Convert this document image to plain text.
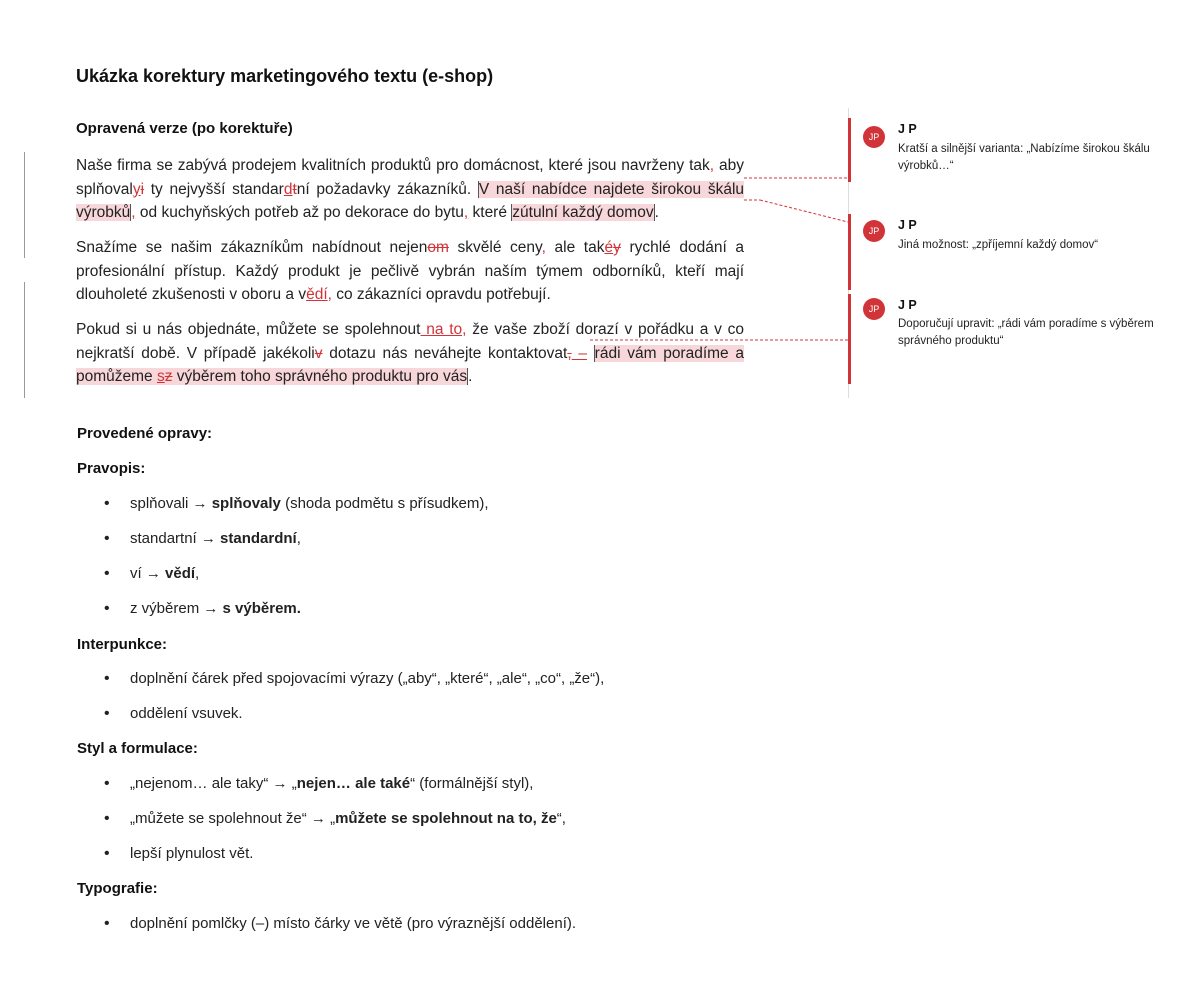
Ukázka korektury marketingového textu (e-shop)
Opravená verze (po korektuře)
Naše firma se zabývá prodejem kvalitních produktů pro domácnost, které jsou navrženy tak, aby splňovalyi ty nejvyšší standardtní požadavky zákazníků. V naší nabídce najdete širokou škálu výrobků, od kuchyňských potřeb až po dekorace do bytu, které zútulní každý domov.
Snažíme se našim zákazníkům nabídnout nejenom skvělé ceny, ale takéy rychlé dodání a profesionální přístup. Každý produkt je pečlivě vybrán naším týmem odborníků, kteří mají dlouholeté zkušenosti v oboru a vědí, co zákazníci opravdu potřebují.
Pokud si u nás objednáte, můžete se spolehnout na to, že vaše zboží dorazí v pořádku a v co nejkratší době. V případě jakékoliv dotazu nás neváhejte kontaktovat, – rádi vám poradíme a pomůžeme sz výběrem toho správného produktu pro vás.
JP
J P
Kratší a silnější varianta: „Nabízíme širokou škálu výrobků…“
JP	J P
Jiná možnost: „zpříjemní každý domov“
JP	J P
Doporučují upravit: „rádi vám poradíme s výběrem správného produktu“
Provedené opravy:
Pravopis:
•splňovali → splňovaly (shoda podmětu s přísudkem),
•standartní → standardní,
•ví → vědí,
•z výběrem → s výběrem.
Interpunkce:
•doplnění čárek před spojovacími výrazy („aby“, „které“, „ale“, „co“, „že“),
•oddělení vsuvek.
Styl a formulace:
•„nejenom… ale taky“ → „nejen… ale také“ (formálnější styl),
•„můžete se spolehnout že“ → „můžete se spolehnout na to, že“,
•lepší plynulost vět.
Typografie:
•doplnění pomlčky (–) místo čárky ve větě (pro výraznější oddělení).
